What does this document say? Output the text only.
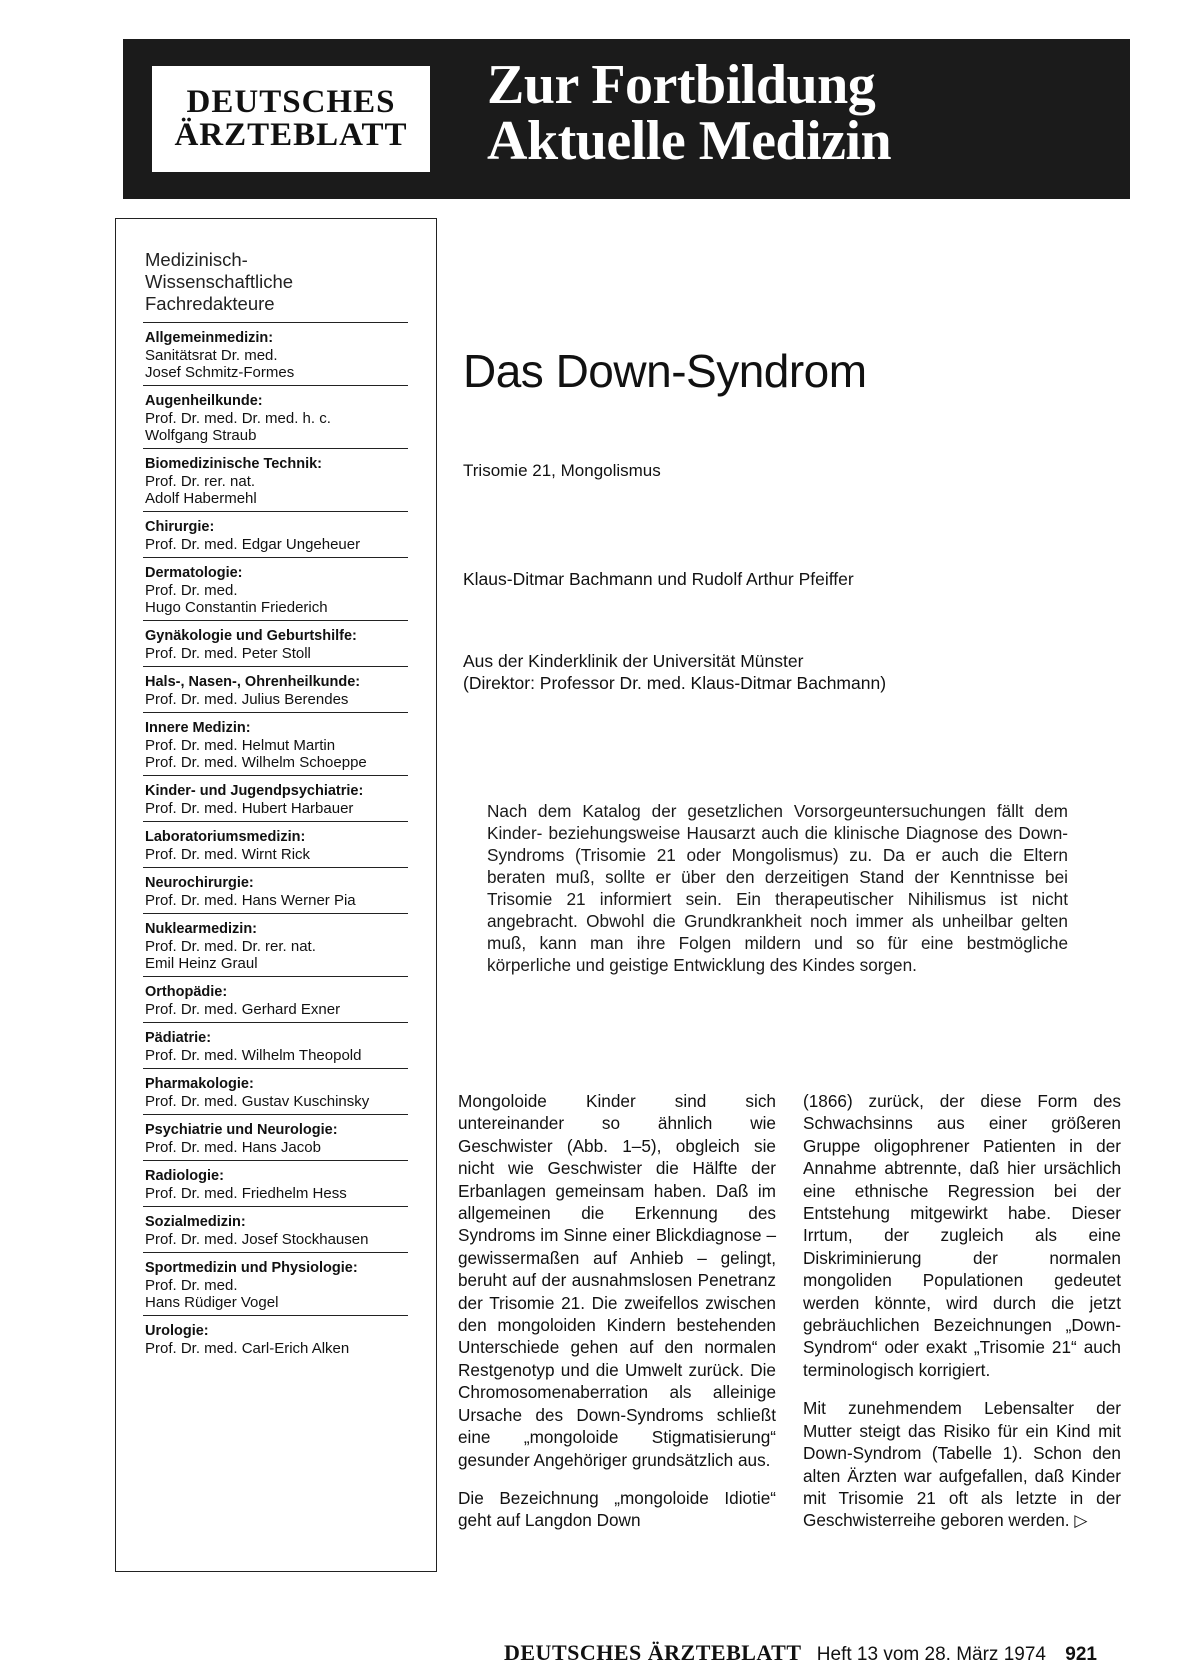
DEUTSCHES
ÄRZTEBLATT
Zur Fortbildung
Aktuelle Medizin
Medizinisch-
Wissenschaftliche
Fachredakteure
Allgemeinmedizin:
Sanitätsrat Dr. med.
Josef Schmitz-Formes
Augenheilkunde:
Prof. Dr. med. Dr. med. h. c.
Wolfgang Straub
Biomedizinische Technik:
Prof. Dr. rer. nat.
Adolf Habermehl
Chirurgie:
Prof. Dr. med. Edgar Ungeheuer
Dermatologie:
Prof. Dr. med.
Hugo Constantin Friederich
Gynäkologie und Geburtshilfe:
Prof. Dr. med. Peter Stoll
Hals-, Nasen-, Ohrenheilkunde:
Prof. Dr. med. Julius Berendes
Innere Medizin:
Prof. Dr. med. Helmut Martin
Prof. Dr. med. Wilhelm Schoeppe
Kinder- und Jugendpsychiatrie:
Prof. Dr. med. Hubert Harbauer
Laboratoriumsmedizin:
Prof. Dr. med. Wirnt Rick
Neurochirurgie:
Prof. Dr. med. Hans Werner Pia
Nuklearmedizin:
Prof. Dr. med. Dr. rer. nat.
Emil Heinz Graul
Orthopädie:
Prof. Dr. med. Gerhard Exner
Pädiatrie:
Prof. Dr. med. Wilhelm Theopold
Pharmakologie:
Prof. Dr. med. Gustav Kuschinsky
Psychiatrie und Neurologie:
Prof. Dr. med. Hans Jacob
Radiologie:
Prof. Dr. med. Friedhelm Hess
Sozialmedizin:
Prof. Dr. med. Josef Stockhausen
Sportmedizin und Physiologie:
Prof. Dr. med.
Hans Rüdiger Vogel
Urologie:
Prof. Dr. med. Carl-Erich Alken
Das Down-Syndrom
Trisomie 21, Mongolismus
Klaus-Ditmar Bachmann und Rudolf Arthur Pfeiffer
Aus der Kinderklinik der Universität Münster
(Direktor: Professor Dr. med. Klaus-Ditmar Bachmann)

Nach dem Katalog der gesetzlichen Vorsorgeuntersuchungen fällt dem Kinder- beziehungsweise Hausarzt auch die klinische Diagnose des Down-Syndroms (Trisomie 21 oder Mongolismus) zu. Da er auch die Eltern beraten muß, sollte er über den derzeitigen Stand der Kenntnisse bei Trisomie 21 informiert sein. Ein therapeutischer Nihilismus ist nicht angebracht. Obwohl die Grundkrankheit noch immer als unheilbar gelten muß, kann man ihre Folgen mildern und so für eine bestmögliche körperliche und geistige Entwicklung des Kindes sorgen.

Mongoloide Kinder sind sich untereinander so ähnlich wie Geschwister (Abb. 1–5), obgleich sie nicht wie Geschwister die Hälfte der Erbanlagen gemeinsam haben. Daß im allgemeinen die Erkennung des Syndroms im Sinne einer Blickdiagnose – gewissermaßen auf Anhieb – gelingt, beruht auf der ausnahmslosen Penetranz der Trisomie 21. Die zweifellos zwischen den mongoloiden Kindern bestehenden Unterschiede gehen auf den normalen Restgenotyp und die Umwelt zurück. Die Chromosomenaberration als alleinige Ursache des Down-Syndroms schließt eine „mongoloide Stigmatisierung“ gesunder Angehöriger grundsätzlich aus.

Die Bezeichnung „mongoloide Idiotie“ geht auf Langdon Down

(1866) zurück, der diese Form des Schwachsinns aus einer größeren Gruppe oligophrener Patienten in der Annahme abtrennte, daß hier ursächlich eine ethnische Regression bei der Entstehung mitgewirkt habe. Dieser Irrtum, der zugleich als eine Diskriminierung der normalen mongoliden Populationen gedeutet werden könnte, wird durch die jetzt gebräuchlichen Bezeichnungen „Down-Syndrom“ oder exakt „Trisomie 21“ auch terminologisch korrigiert.

Mit zunehmendem Lebensalter der Mutter steigt das Risiko für ein Kind mit Down-Syndrom (Tabelle 1). Schon den alten Ärzten war aufgefallen, daß Kinder mit Trisomie 21 oft als letzte in der Geschwisterreihe geboren werden. ▷

DEUTSCHES ÄRZTEBLATT Heft 13 vom 28. März 1974 921
